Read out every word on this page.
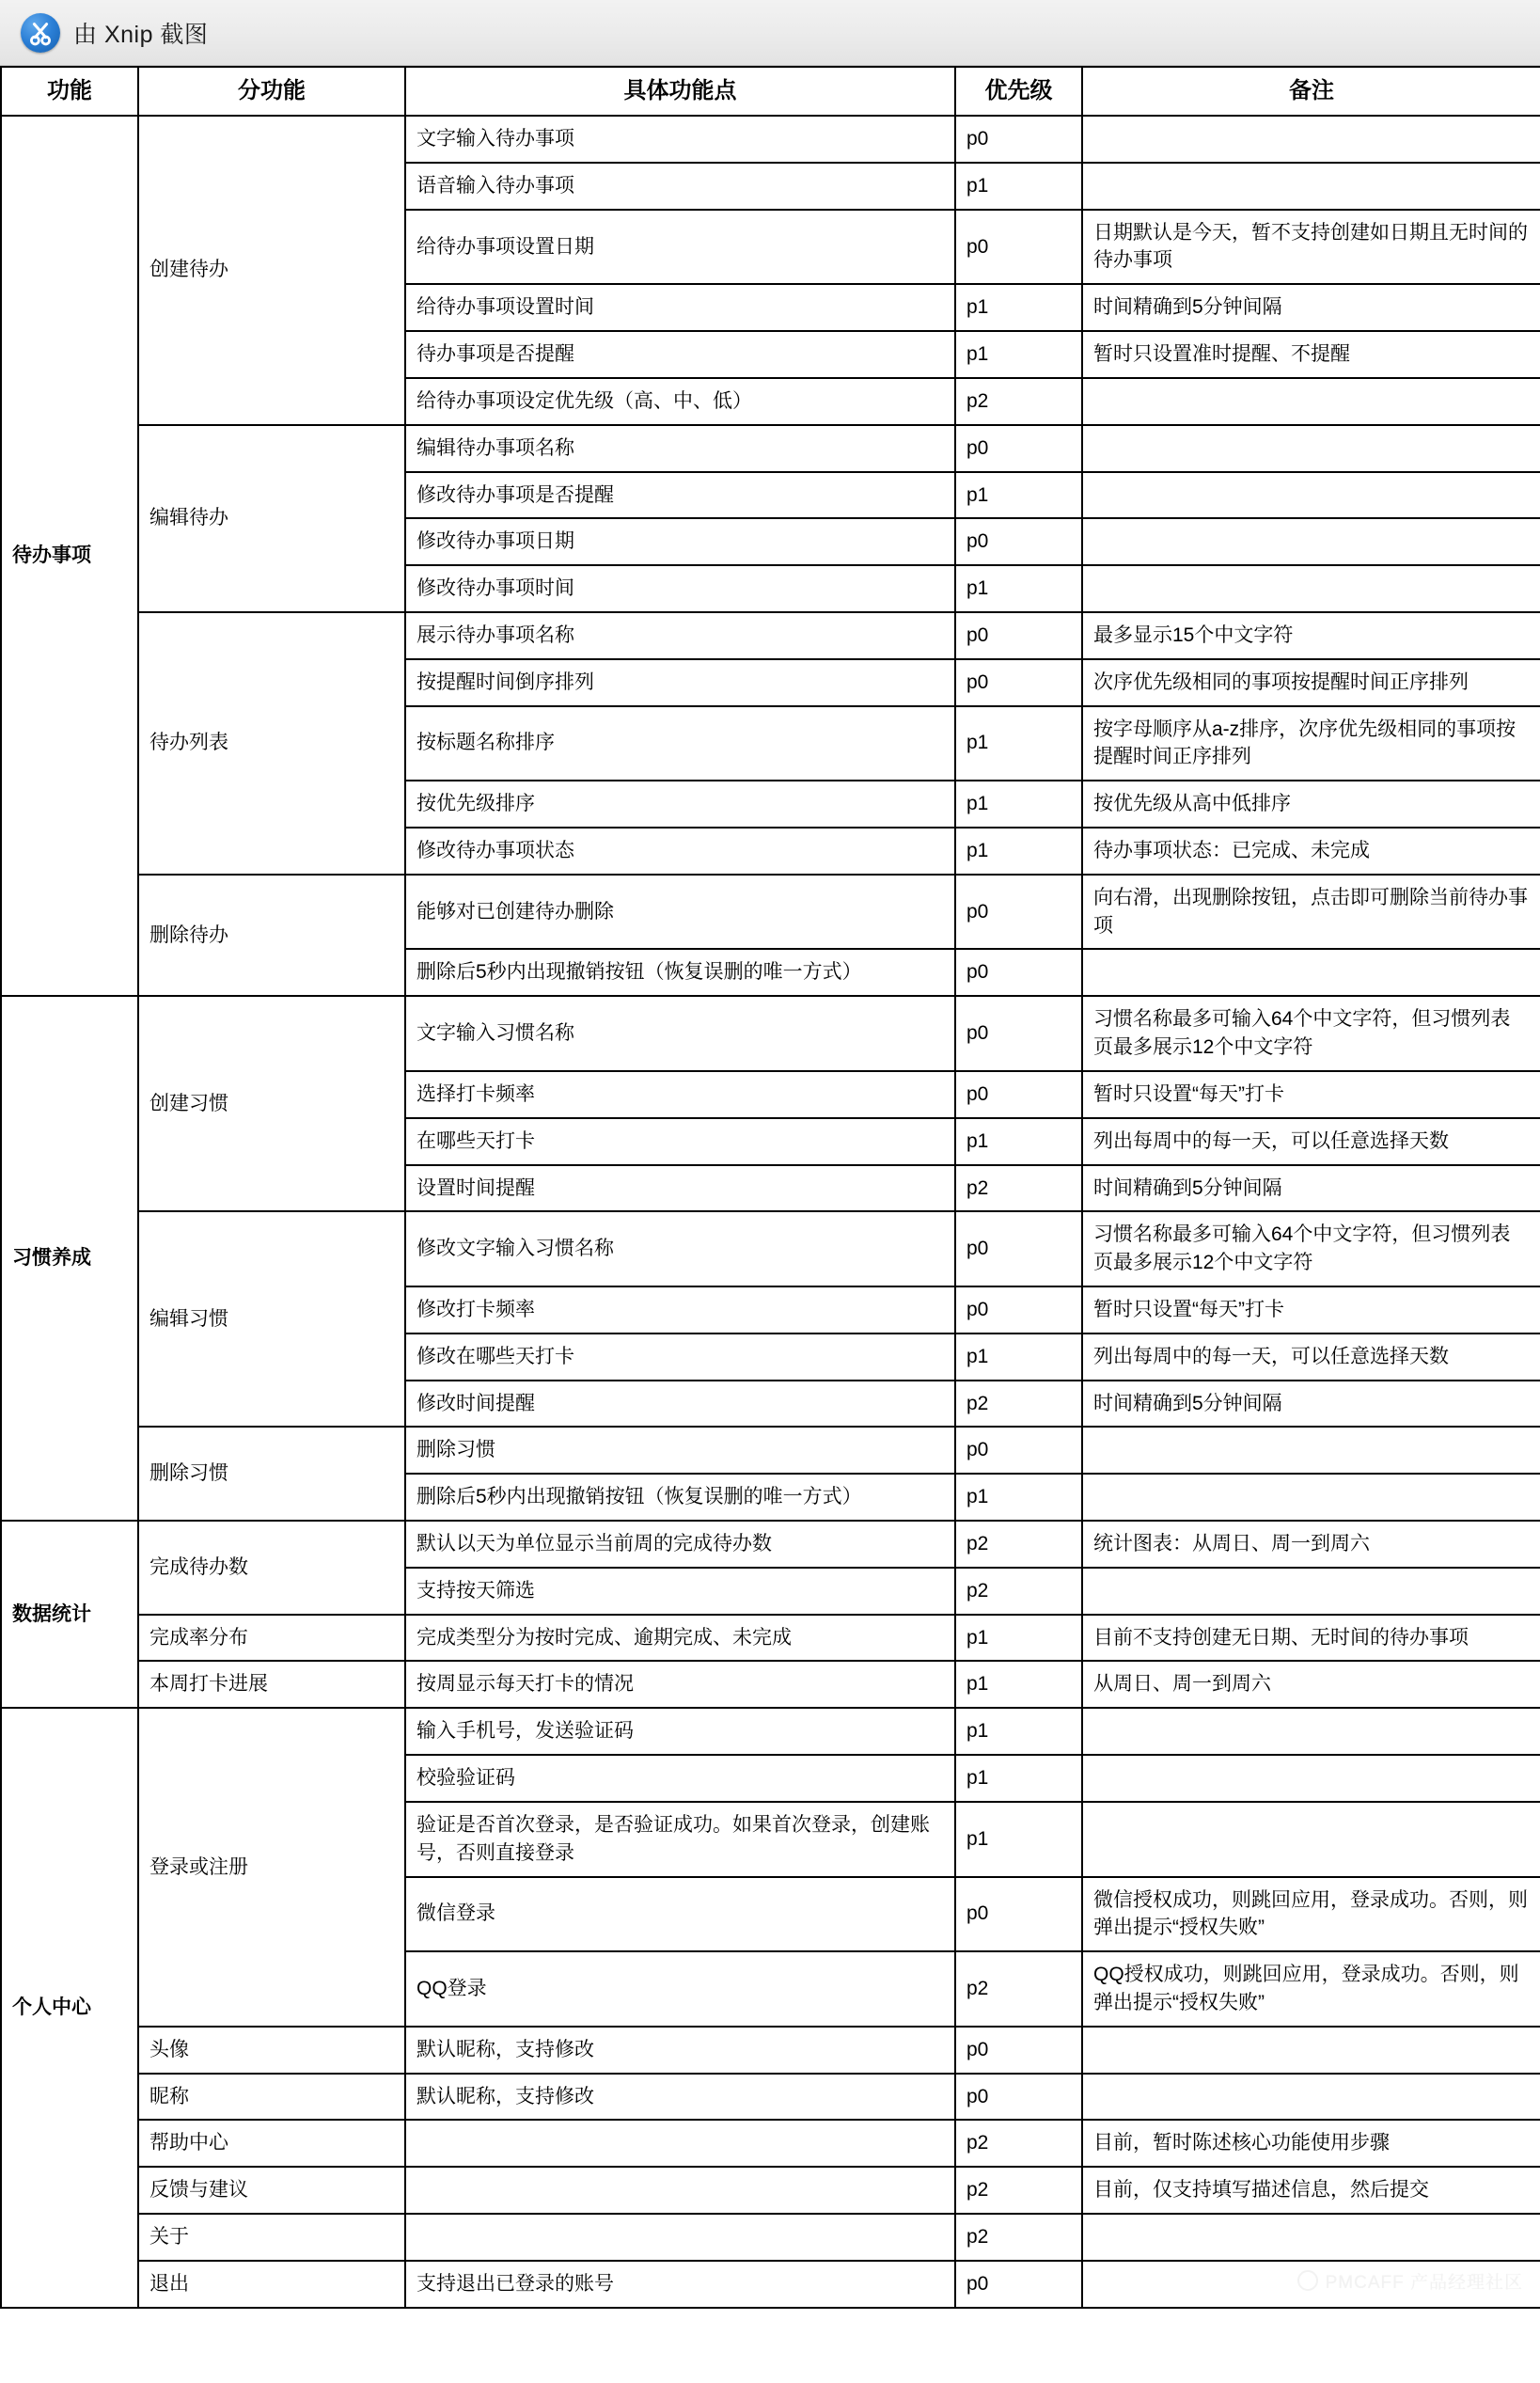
由 Xnip 截图
功能	分功能	具体功能点	优先级	备注
待办事项	创建待办	文字输入待办事项	p0	
		语音输入待办事项	p1	
		给待办事项设置日期	p0	日期默认是今天，暂不支持创建如日期且无时间的待办事项
		给待办事项设置时间	p1	时间精确到5分钟间隔
		待办事项是否提醒	p1	暂时只设置准时提醒、不提醒
		给待办事项设定优先级（高、中、低）	p2	
	编辑待办	编辑待办事项名称	p0	
		修改待办事项是否提醒	p1	
		修改待办事项日期	p0	
		修改待办事项时间	p1	
	待办列表	展示待办事项名称	p0	最多显示15个中文字符
		按提醒时间倒序排列	p0	次序优先级相同的事项按提醒时间正序排列
		按标题名称排序	p1	按字母顺序从a-z排序，次序优先级相同的事项按提醒时间正序排列
		按优先级排序	p1	按优先级从高中低排序
		修改待办事项状态	p1	待办事项状态：已完成、未完成
	删除待办	能够对已创建待办删除	p0	向右滑，出现删除按钮，点击即可删除当前待办事项
		删除后5秒内出现撤销按钮（恢复误删的唯一方式）	p0	
习惯养成	创建习惯	文字输入习惯名称	p0	习惯名称最多可输入64个中文字符，但习惯列表页最多展示12个中文字符
		选择打卡频率	p0	暂时只设置“每天”打卡
		在哪些天打卡	p1	列出每周中的每一天，可以任意选择天数
		设置时间提醒	p2	时间精确到5分钟间隔
	编辑习惯	修改文字输入习惯名称	p0	习惯名称最多可输入64个中文字符，但习惯列表页最多展示12个中文字符
		修改打卡频率	p0	暂时只设置“每天”打卡
		修改在哪些天打卡	p1	列出每周中的每一天，可以任意选择天数
		修改时间提醒	p2	时间精确到5分钟间隔
	删除习惯	删除习惯	p0	
		删除后5秒内出现撤销按钮（恢复误删的唯一方式）	p1	
数据统计	完成待办数	默认以天为单位显示当前周的完成待办数	p2	统计图表：从周日、周一到周六
		支持按天筛选	p2	
	完成率分布	完成类型分为按时完成、逾期完成、未完成	p1	目前不支持创建无日期、无时间的待办事项
	本周打卡进展	按周显示每天打卡的情况	p1	从周日、周一到周六
个人中心	登录或注册	输入手机号，发送验证码	p1	
		校验验证码	p1	
		验证是否首次登录，是否验证成功。如果首次登录，创建账号，否则直接登录	p1	
		微信登录	p0	微信授权成功，则跳回应用，登录成功。否则，则弹出提示“授权失败”
		QQ登录	p2	QQ授权成功，则跳回应用，登录成功。否则，则弹出提示“授权失败”
	头像	默认昵称，支持修改	p0	
	昵称	默认昵称，支持修改	p0	
	帮助中心		p2	目前，暂时陈述核心功能使用步骤
	反馈与建议		p2	目前，仅支持填写描述信息，然后提交
	关于		p2	
	退出	支持退出已登录的账号	p0		PMCAFF 产品经理社区
